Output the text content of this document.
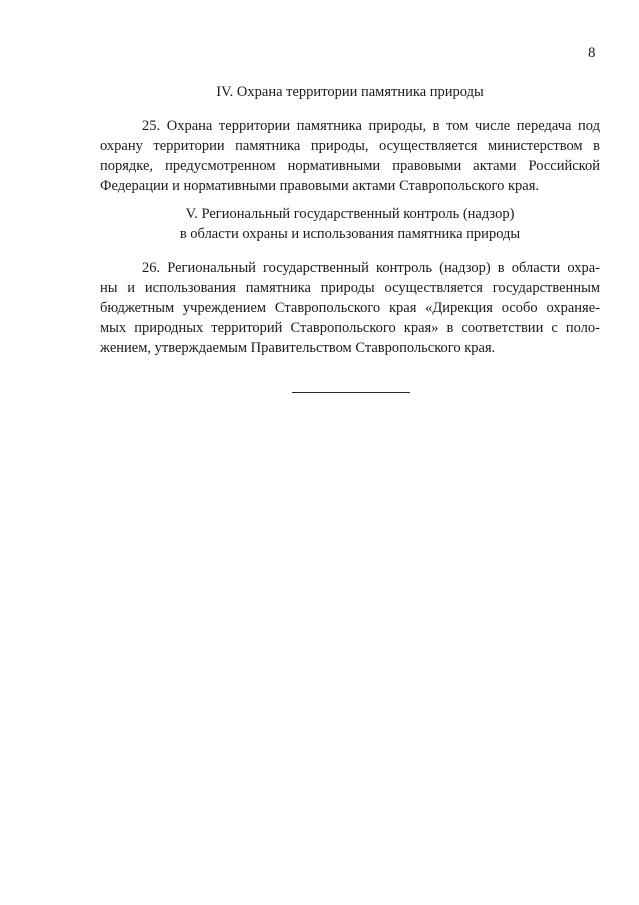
8
IV. Охрана территории памятника природы
25. Охрана территории памятника природы, в том числе передача под
охрану территории памятника природы, осуществляется министерством в
порядке, предусмотренном нормативными правовыми актами Российской
Федерации и нормативными правовыми актами Ставропольского края.
V. Региональный государственный контроль (надзор)
в области охраны и использования памятника природы
26. Региональный государственный контроль (надзор) в области охра-
ны и использования памятника природы осуществляется государственным
бюджетным учреждением Ставропольского края «Дирекция особо охраняе-
мых природных территорий Ставропольского края» в соответствии с поло-
жением, утверждаемым Правительством Ставропольского края.
